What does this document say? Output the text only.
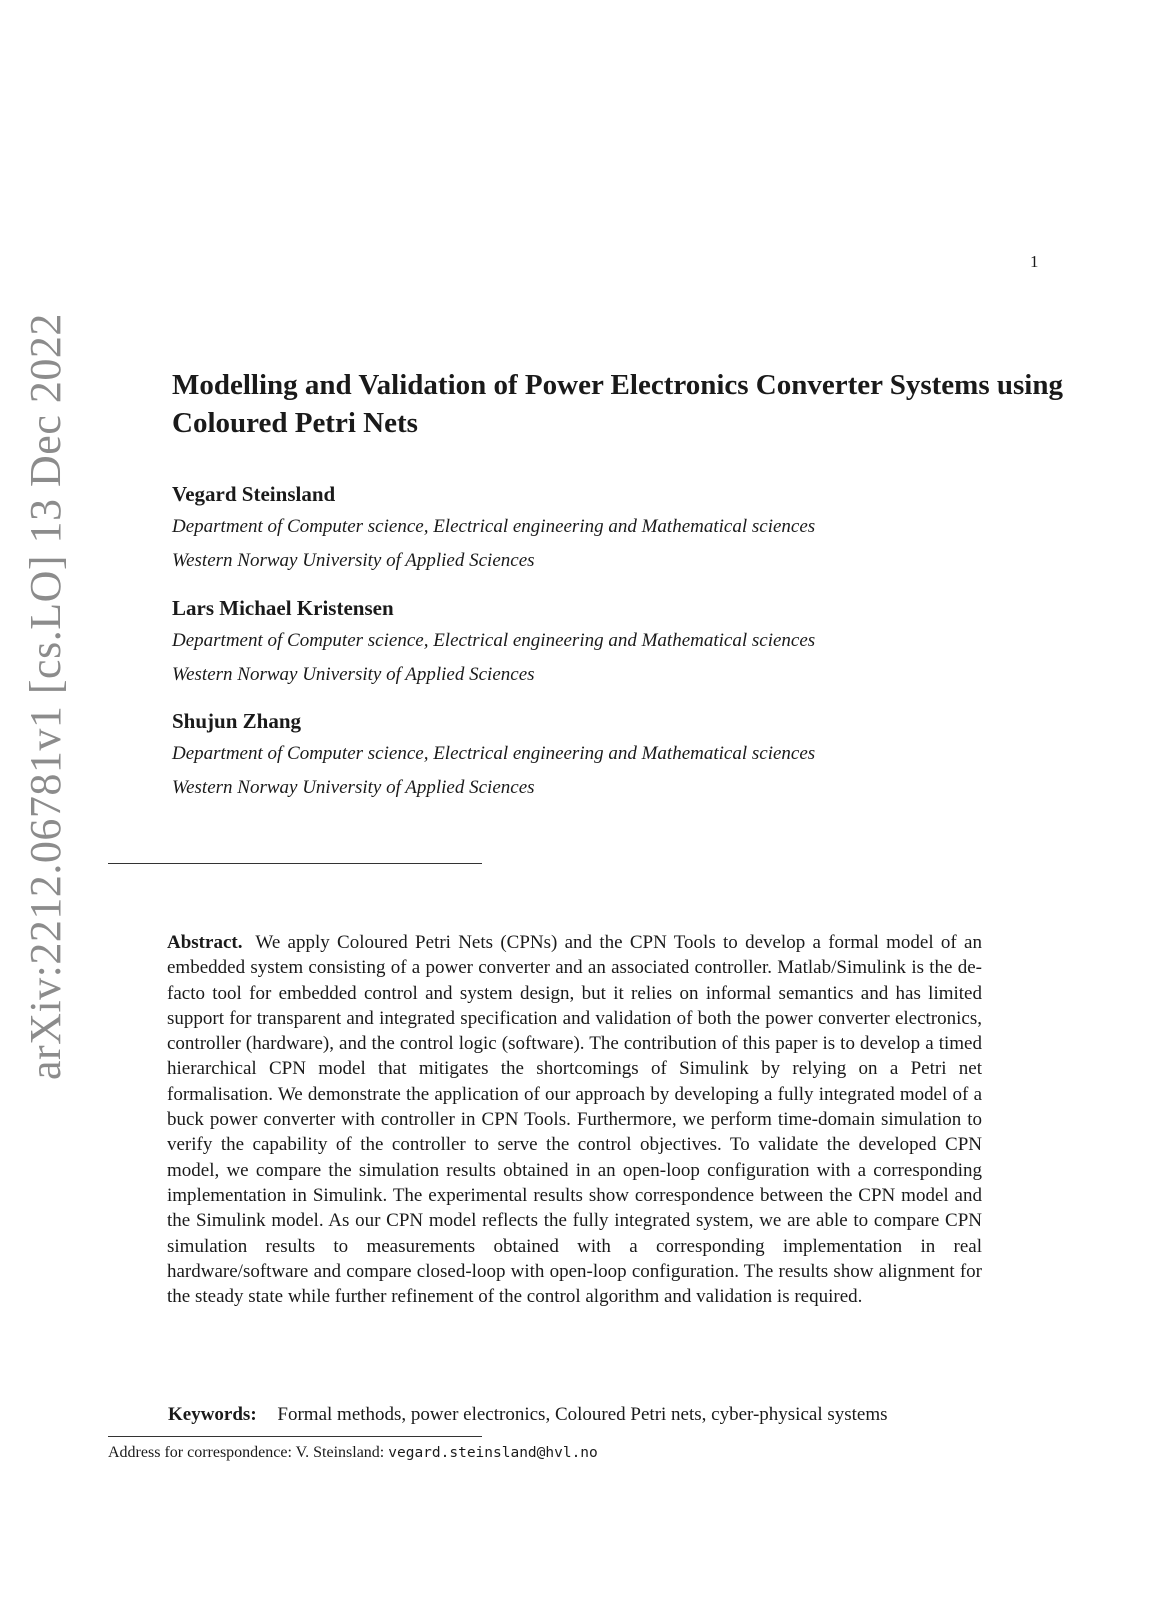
1
arXiv:2212.06781v1 [cs.LO] 13 Dec 2022	Modelling and Validation of Power Electronics Converter Systems using Coloured Petri Nets
Vegard Steinsland
Department of Computer science, Electrical engineering and Mathematical sciences
Western Norway University of Applied Sciences
Lars Michael Kristensen
Department of Computer science, Electrical engineering and Mathematical sciences
Western Norway University of Applied Sciences
Shujun Zhang
Department of Computer science, Electrical engineering and Mathematical sciences
Western Norway University of Applied Sciences

Abstract. We apply Coloured Petri Nets (CPNs) and the CPN Tools to develop a formal model of an embedded system consisting of a power converter and an associated controller. Matlab/Simulink is the de-facto tool for embedded control and system design, but it relies on informal semantics and has limited support for transparent and integrated specification and validation of both the power converter electronics, controller (hardware), and the control logic (software). The contribution of this paper is to develop a timed hierarchical CPN model that mitigates the shortcomings of Simulink by relying on a Petri net formalisation. We demonstrate the application of our approach by developing a fully integrated model of a buck power converter with controller in CPN Tools. Furthermore, we perform time-domain simulation to verify the capability of the controller to serve the control objectives. To validate the developed CPN model, we compare the simulation results obtained in an open-loop configuration with a corresponding implementation in Simulink. The experimental results show correspondence between the CPN model and the Simulink model. As our CPN model reflects the fully integrated system, we are able to compare CPN simulation results to measurements obtained with a corresponding implementation in real hardware/software and compare closed-loop with open-loop configuration. The results show alignment for the steady state while further refinement of the control algorithm and validation is required.

Keywords: Formal methods, power electronics, Coloured Petri nets, cyber-physical systems
Address for correspondence: V. Steinsland: vegard.steinsland@hvl.no
